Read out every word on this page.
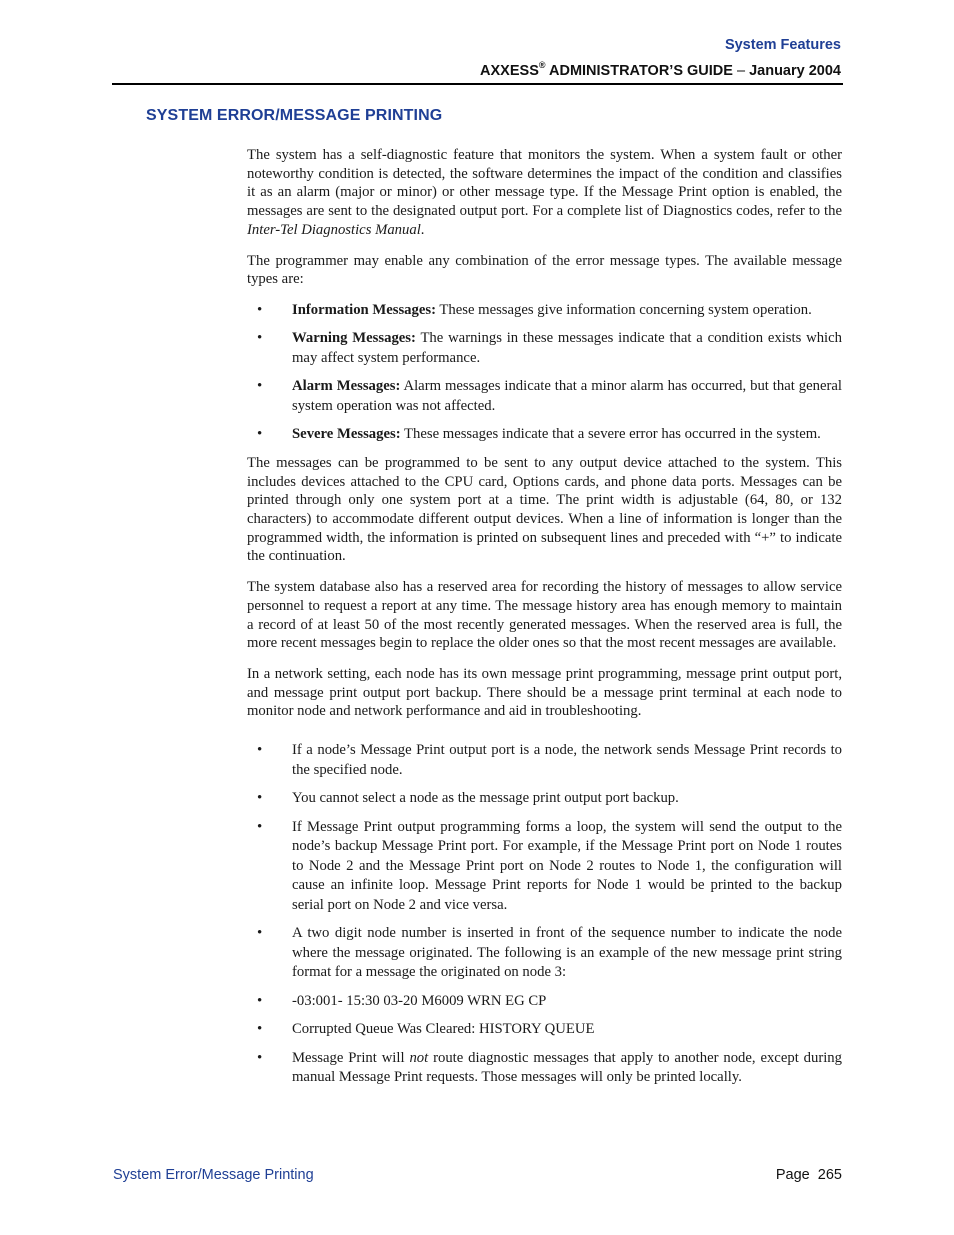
System Features
AXXESS® ADMINISTRATOR’S GUIDE – January 2004
SYSTEM ERROR/MESSAGE PRINTING

The system has a self-diagnostic feature that monitors the system. When a system fault or other noteworthy condition is detected, the software determines the impact of the condition and classifies it as an alarm (major or minor) or other message type. If the Message Print option is enabled, the messages are sent to the designated output port. For a complete list of Diagnostics codes, refer to the Inter-Tel Diagnostics Manual.

The programmer may enable any combination of the error message types. The available message types are:

• Information Messages: These messages give information concerning system operation.
• Warning Messages: The warnings in these messages indicate that a condition exists which may affect system performance.
• Alarm Messages: Alarm messages indicate that a minor alarm has occurred, but that general system operation was not affected.
• Severe Messages: These messages indicate that a severe error has occurred in the system.

The messages can be programmed to be sent to any output device attached to the system. This includes devices attached to the CPU card, Options cards, and phone data ports. Messages can be printed through only one system port at a time. The print width is adjustable (64, 80, or 132 characters) to accommodate different output devices. When a line of information is longer than the programmed width, the information is printed on subsequent lines and preceded with “+” to indicate the continuation.

The system database also has a reserved area for recording the history of messages to allow service personnel to request a report at any time. The message history area has enough memory to maintain a record of at least 50 of the most recently generated messages. When the reserved area is full, the more recent messages begin to replace the older ones so that the most recent messages are available.

In a network setting, each node has its own message print programming, message print output port, and message print output port backup. There should be a message print terminal at each node to monitor node and network performance and aid in troubleshooting.

• If a node’s Message Print output port is a node, the network sends Message Print records to the specified node.
• You cannot select a node as the message print output port backup.
• If Message Print output programming forms a loop, the system will send the output to the node’s backup Message Print port. For example, if the Message Print port on Node 1 routes to Node 2 and the Message Print port on Node 2 routes to Node 1, the configuration will cause an infinite loop. Message Print reports for Node 1 would be printed to the backup serial port on Node 2 and vice versa.
• A two digit node number is inserted in front of the sequence number to indicate the node where the message originated. The following is an example of the new message print string format for a message the originated on node 3:
• -03:001- 15:30 03-20 M6009 WRN EG CP
• Corrupted Queue Was Cleared: HISTORY QUEUE
• Message Print will not route diagnostic messages that apply to another node, except during manual Message Print requests. Those messages will only be printed locally.
System Error/Message Printing	Page  265
